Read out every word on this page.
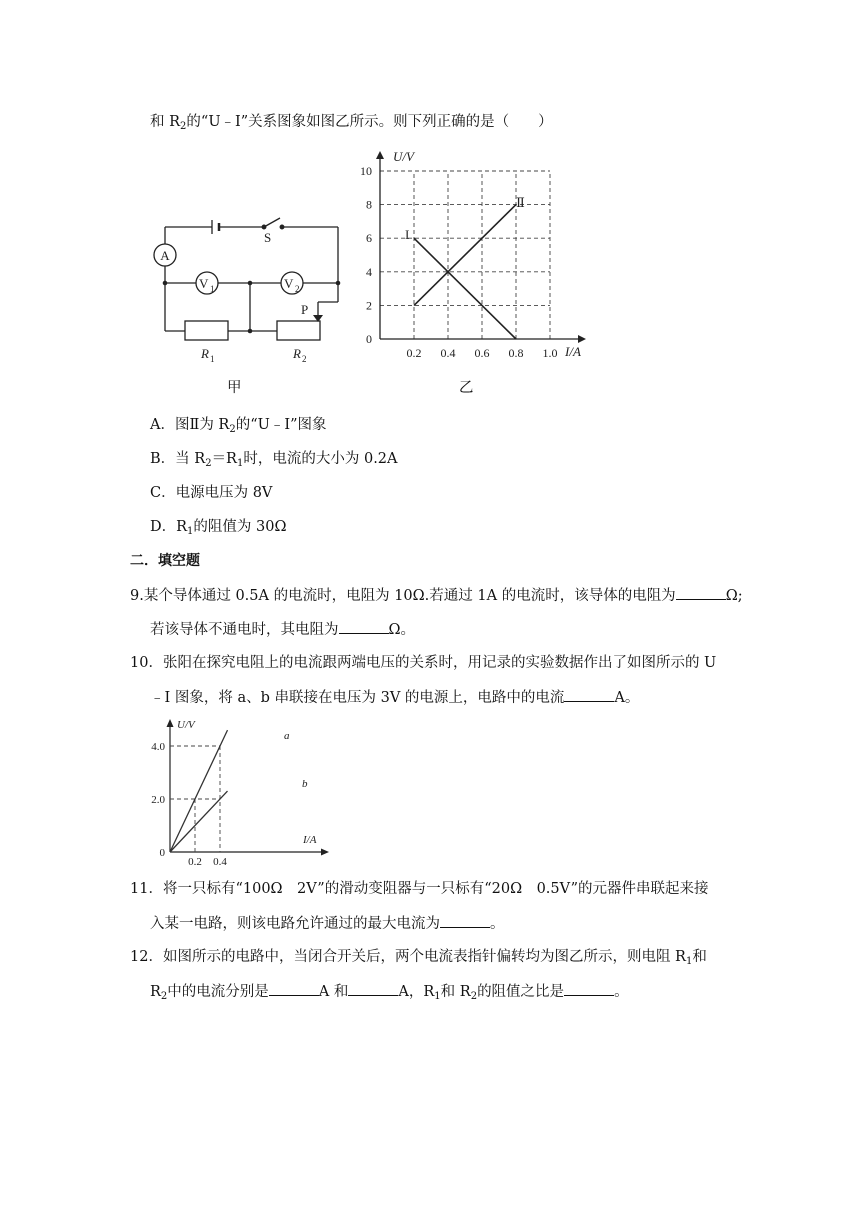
和 $R_2$的“U﹣I”关系图象如图乙所示。则下列正确的是（　　）
A
S
V 1	V 2
P
R 1	R 2
甲
10
8
6
4
2
0
0.2 0.4 0.6 0.8 1.0
U/V
I/A
I
Ⅱ
乙
A．图Ⅱ为 $R_2$的“U﹣I”图象
B．当 $R_2=R_1$时，电流的大小为 0.2A
C．电源电压为 8V
D．$R_1$的阻值为 30Ω
二．填空题
9.某个导体通过 0.5A 的电流时，电阻为 10Ω.若通过 1A 的电流时，该导体的电阻为	Ω;
若该导体不通电时，其电阻为	Ω。
10．张阳在探究电阻上的电流跟两端电压的关系时，用记录的实验数据作出了如图所示的 U
﹣I 图象，将 a、b 串联接在电压为 3V 的电源上，电路中的电流	A。
4.0
2.0
0
0.2 0.4
U/V
I/A
a
b
11．将一只标有“100Ω　2V”的滑动变阻器与一只标有“20Ω　0.5V”的元器件串联起来接
入某一电路，则该电路允许通过的最大电流为	。
12．如图所示的电路中，当闭合开关后，两个电流表指针偏转均为图乙所示，则电阻 $R_1$和
$R_2$中的电流分别是	A 和	A，$R_1$和 $R_2$的阻值之比是	。
